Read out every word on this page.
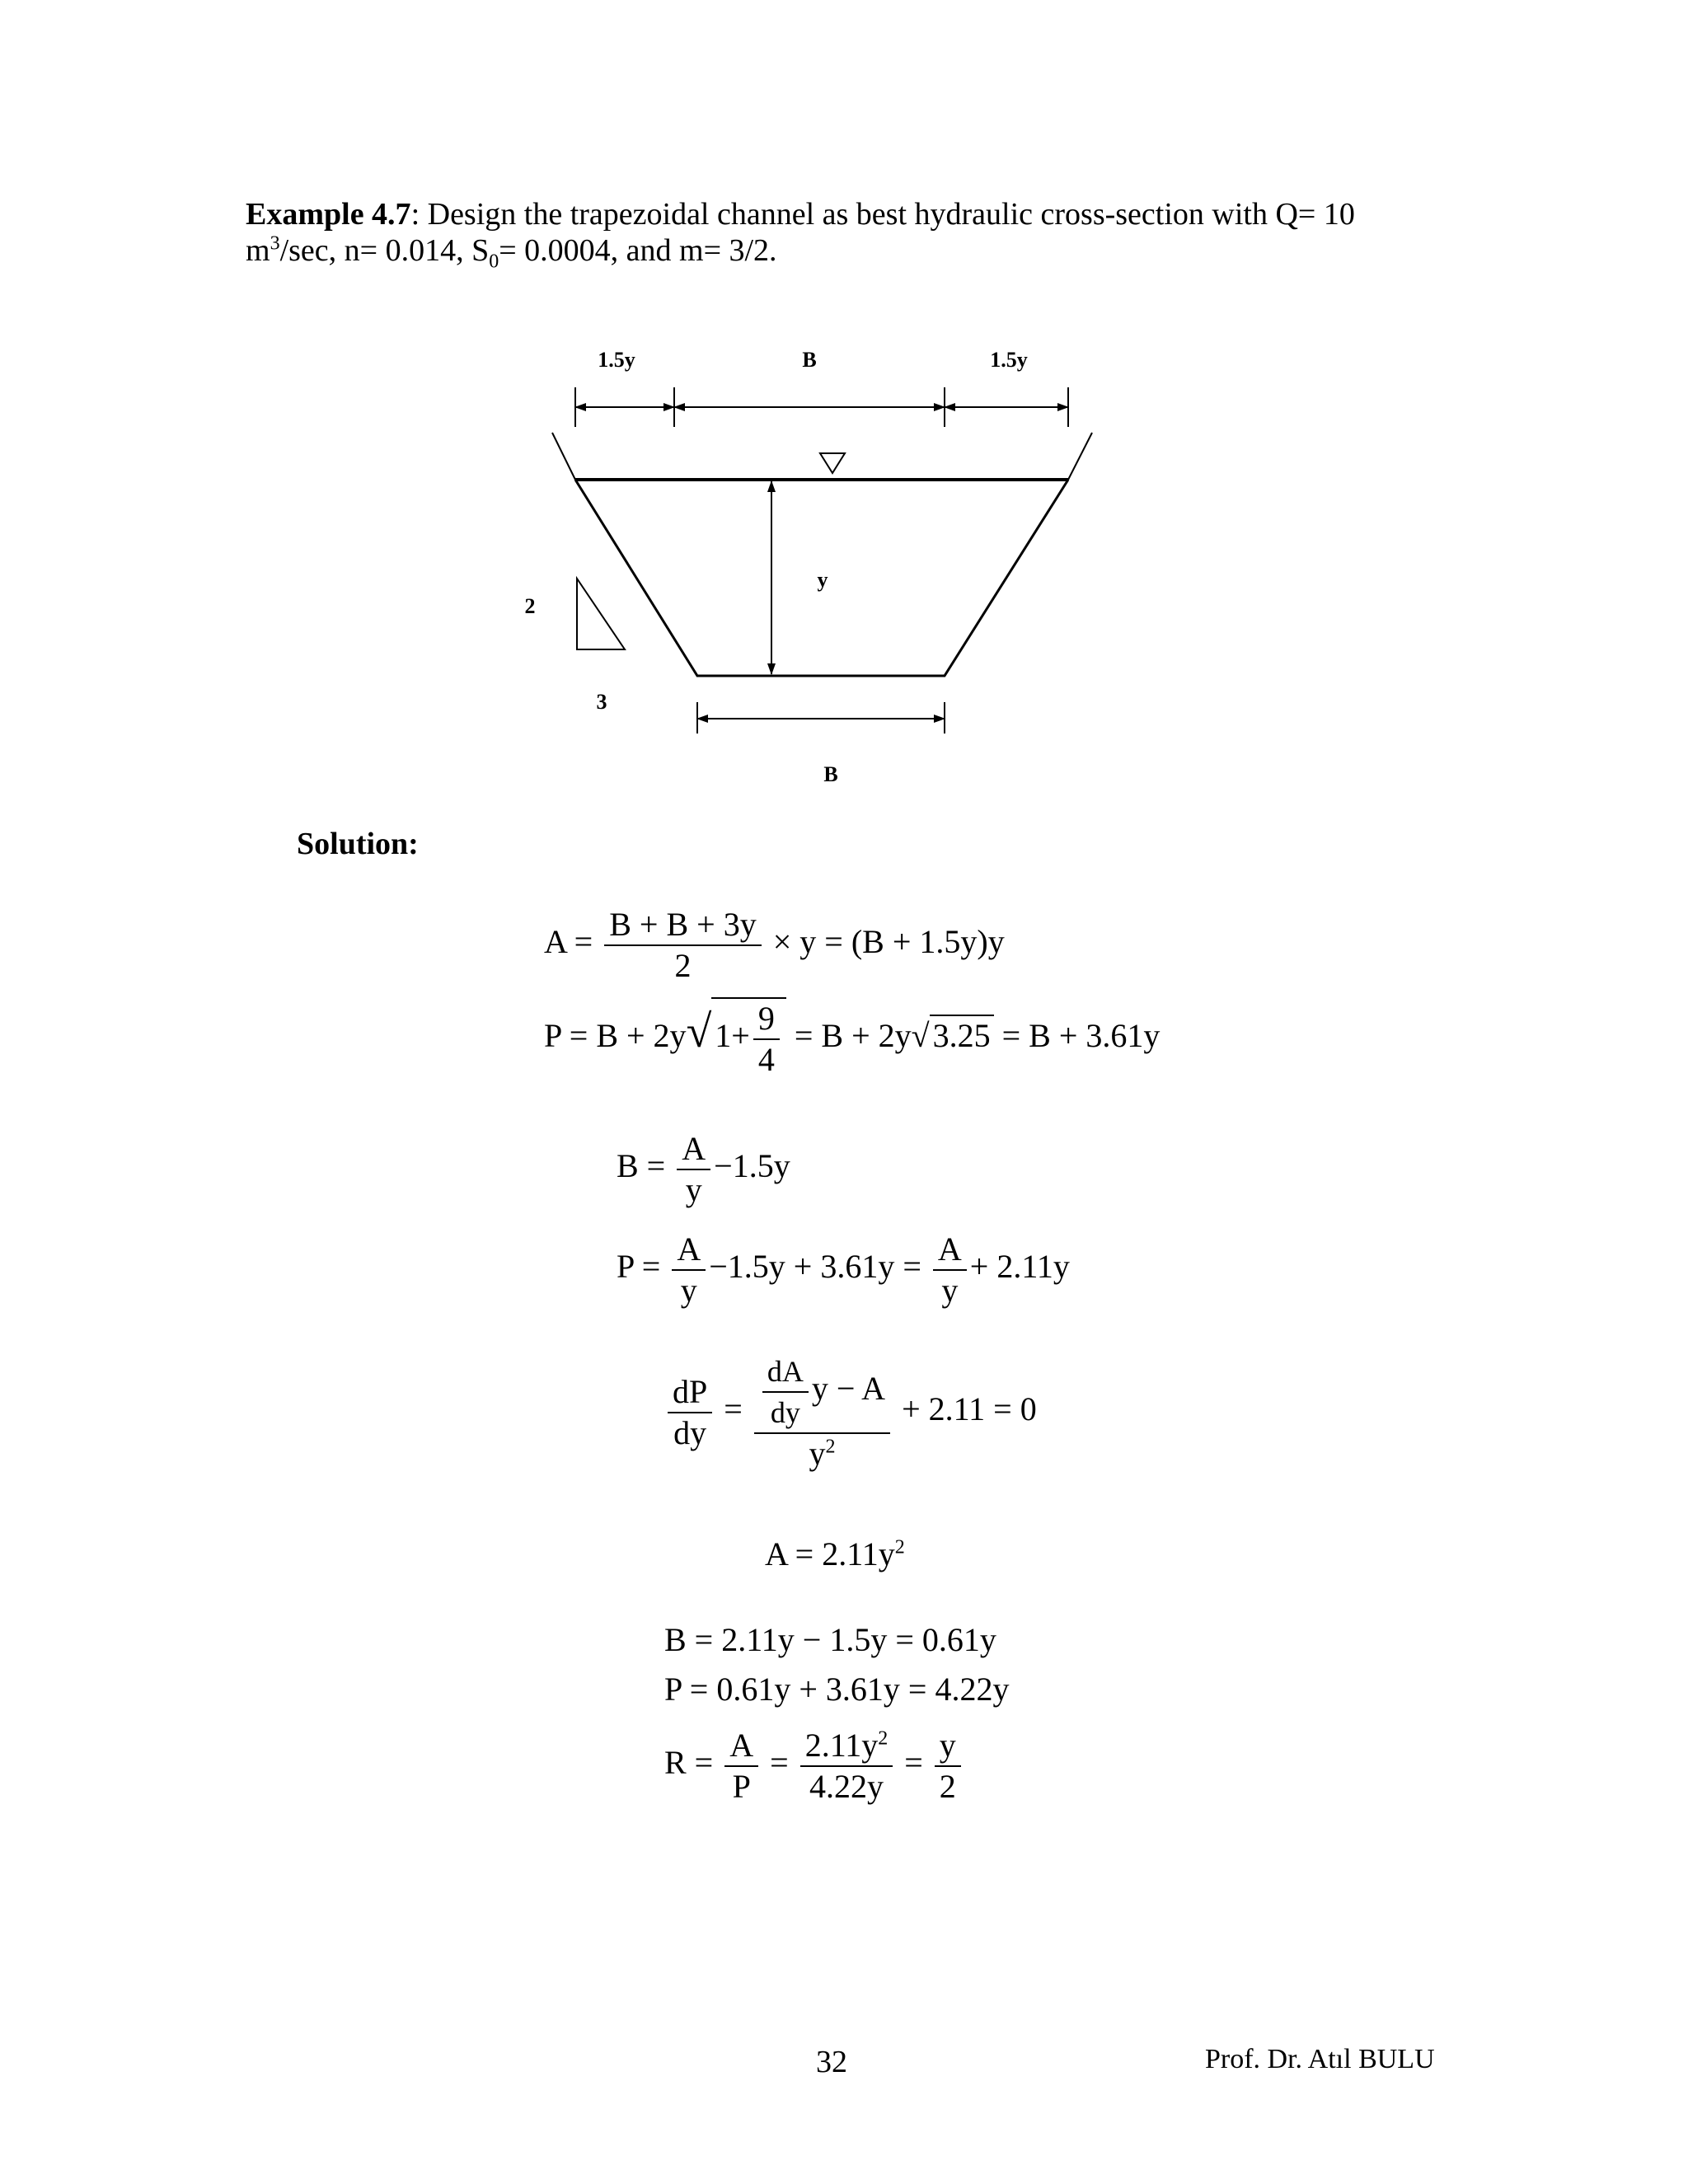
Example 4.7: Design the trapezoidal channel as best hydraulic cross-section with Q= 10 $m^3/\sec$, n= 0.014, $S_0= 0.0004$, and m= 3/2.
1.5y	B	1.5y
y
2
3
B
Solution:
$A = \frac{B + B + 3y}{2} \times y = (B + 1.5y)y$
P = B + 2y√ $1+ \frac{9}{4} = B + 2y√$ 3.25 = B + 3.61y
$B = \frac{A}{y} -1.5y$
$P = \frac{A}{y} -1.5y + 3.61y = \frac{A}{y} + 2.11y$
$\frac{dP}{dy} = \frac{\frac{dA}{dy} y - A}{y^2} + 2.11 = 0$
$A = 2.11y^2$
B = 2.11y − 1.5y = 0.61y
P = 0.61y + 3.61y = 4.22y
$R = \frac{A}{P} = \frac{2.11y^2}{4.22y} = \frac{y}{2}$
32	Prof. Dr. Atıl BULU
